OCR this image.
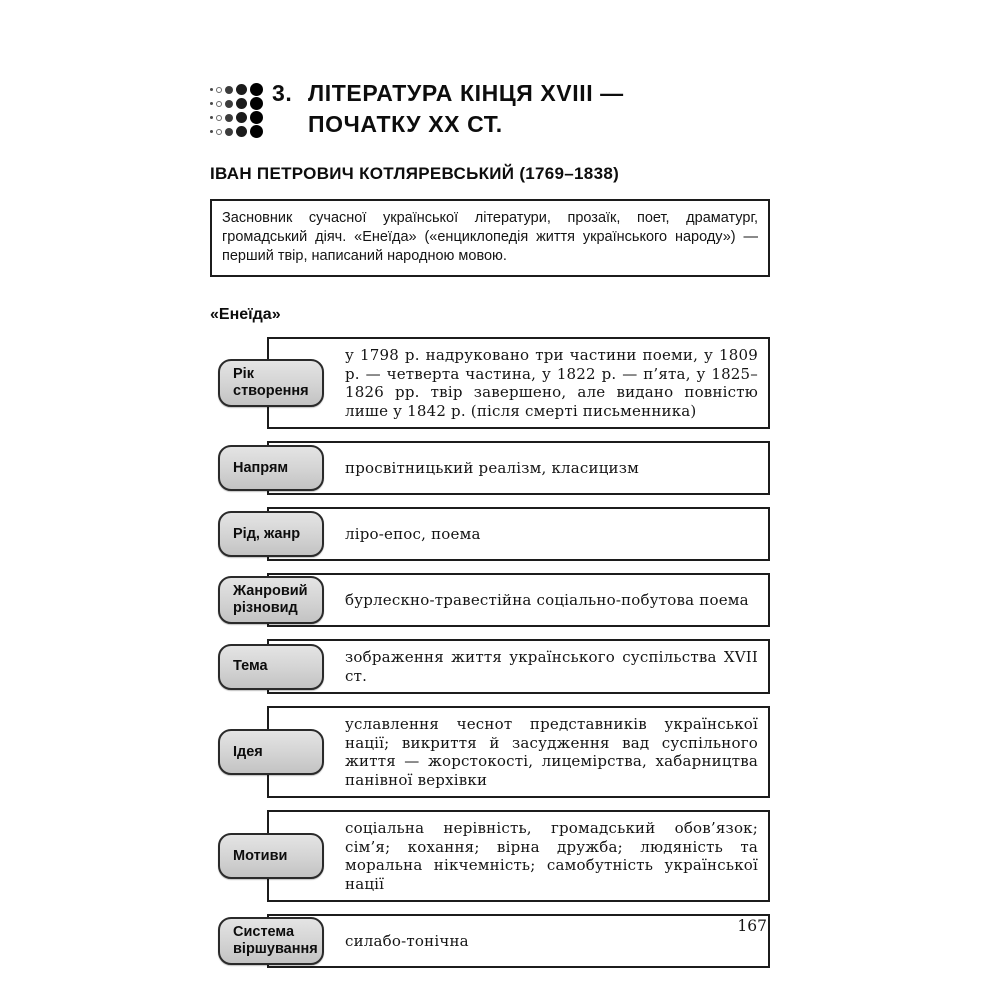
3. ЛІТЕРАТУРА КІНЦЯ XVIII —
ПОЧАТКУ XX СТ.
ІВАН ПЕТРОВИЧ КОТЛЯРЕВСЬКИЙ (1769–1838)

Засновник сучасної української літератури, прозаїк, поет, драматург, громадський діяч. «Енеїда» («енциклопедія життя українського народу») — перший твір, написаний народною мовою.

«Енеїда»

у 1798 р. надруковано три частини поеми, у 1809 р. — четверта частина, у 1822 р. — п’ята, у 1825–1826 рр. твір завершено, але видано повністю лише у 1842 р. (після смерті письменника)

Рік створення

просвітницький реалізм, класицизм

Напрям

ліро-епос, поема

Рід, жанр

бурлескно-травестійна соціально-побутова поема

Жанровий різновид

зображення життя українського суспільства XVII ст.

Тема

уславлення чеснот представників української нації; викриття й засудження вад суспільного життя — жорстокості, лицемірства, хабарництва панівної верхівки

Ідея

соціальна нерівність, громадський обов’язок; сім’я; кохання; вірна дружба; людяність та моральна нікчемність; самобутність української нації

Мотиви

силабо-тонічна

Система віршування
167
